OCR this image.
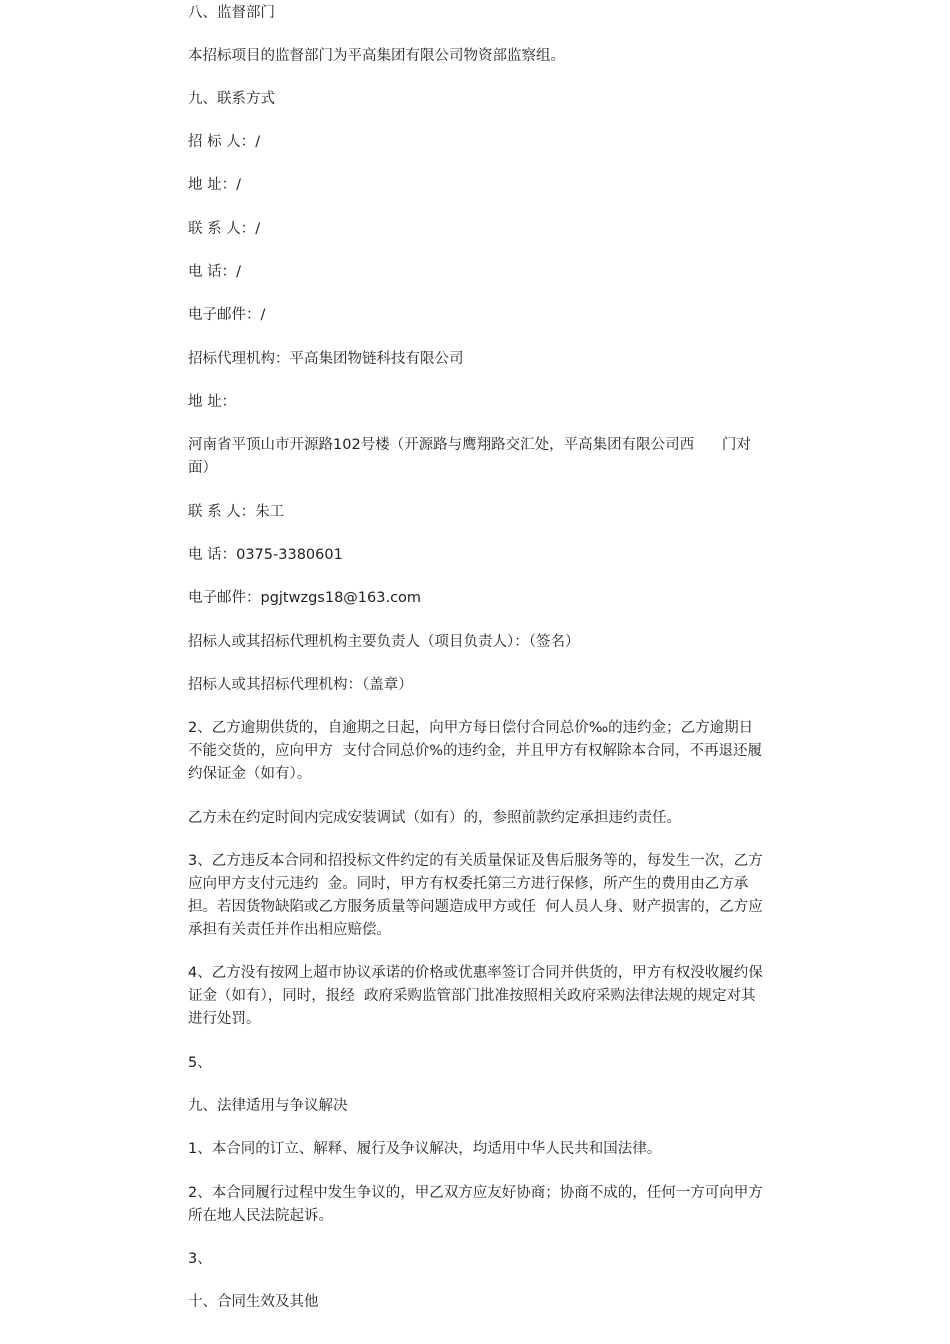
八、监督部门

本招标项目的监督部门为平高集团有限公司物资部监察组。

九、联系方式

招 标 人：/

地 址：/

联 系 人：/

电 话：/

电子邮件：/

招标代理机构：平高集团物链科技有限公司

地 址：

河南省平顶山市开源路102号楼（开源路与鹰翔路交汇处，平高集团有限公司西      门对面）

联 系 人：朱工

电 话：0375-3380601

电子邮件：pgjtwzgs18@163.com

招标人或其招标代理机构主要负责人（项目负责人）：（签名）

招标人或其招标代理机构：（盖章）

2、乙方逾期供货的，自逾期之日起，向甲方每日偿付合同总价‰的违约金；乙方逾期日不能交货的，应向甲方  支付合同总价%的违约金，并且甲方有权解除本合同，不再退还履约保证金（如有）。

乙方未在约定时间内完成安装调试（如有）的，参照前款约定承担违约责任。

3、乙方违反本合同和招投标文件约定的有关质量保证及售后服务等的，每发生一次，乙方应向甲方支付元违约  金。同时，甲方有权委托第三方进行保修，所产生的费用由乙方承担。若因货物缺陷或乙方服务质量等问题造成甲方或任  何人员人身、财产损害的，乙方应承担有关责任并作出相应赔偿。

4、乙方没有按网上超市协议承诺的价格或优惠率签订合同并供货的，甲方有权没收履约保证金（如有），同时，报经  政府采购监管部门批准按照相关政府采购法律法规的规定对其进行处罚。

5、

九、法律适用与争议解决

1、本合同的订立、解释、履行及争议解决，均适用中华人民共和国法律。

2、本合同履行过程中发生争议的，甲乙双方应友好协商；协商不成的，任何一方可向甲方所在地人民法院起诉。

3、

十、合同生效及其他
